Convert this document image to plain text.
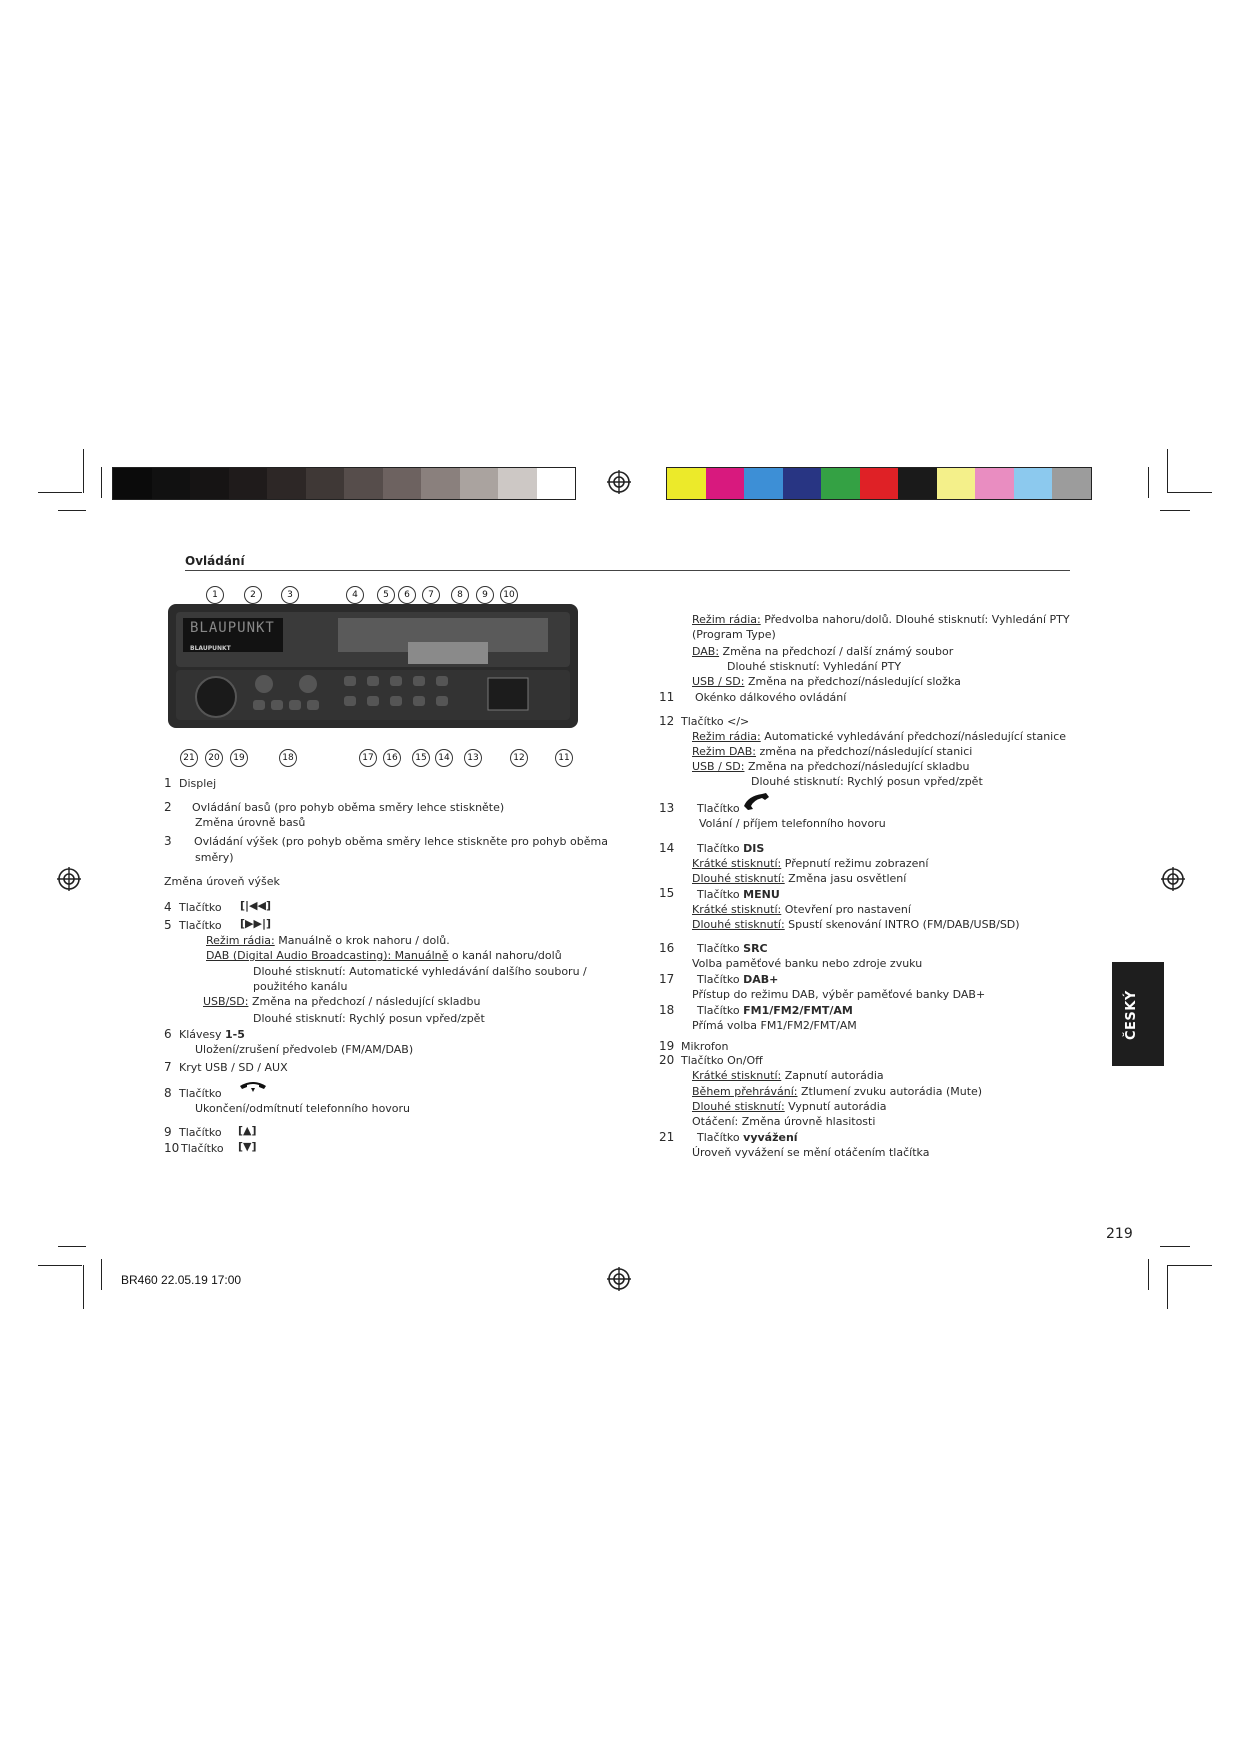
Ovládání
BLAUPUNKT
BLAUPUNKT
1	2	3	4	5	6	7	8	9	10
21	20	19	18	17	16	15	14	13	12	11
1 Displej
2 Ovládání basů (pro pohyb oběma směry lehce stiskněte)
Změna úrovně basů
3 Ovládání výšek (pro pohyb oběma směry lehce stiskněte pro pohyb oběma
směry)
Změna úroveň výšek
4 Tlačítko [|◀◀]
5 Tlačítko [▶▶|]
Režim rádia: Manuálně o krok nahoru / dolů.
DAB (Digital Audio Broadcasting): Manuálně o kanál nahoru/dolů
Dlouhé stisknutí: Automatické vyhledávání dalšího souboru /
použitého kanálu
USB/SD: Změna na předchozí / následující skladbu
Dlouhé stisknutí: Rychlý posun vpřed/zpět
6 Klávesy 1-5
Uložení/zrušení předvoleb (FM/AM/DAB)
7 Kryt USB / SD / AUX
8 Tlačítko
Ukončení/odmítnutí telefonního hovoru
9 Tlačítko [▲]
10 Tlačítko [▼]
Režim rádia: Předvolba nahoru/dolů. Dlouhé stisknutí: Vyhledání PTY
(Program Type)
DAB: Změna na předchozí / další známý soubor
Dlouhé stisknutí: Vyhledání PTY
USB / SD: Změna na předchozí/následující složka
11 Okénko dálkového ovládání
12 Tlačítko </>
Režim rádia: Automatické vyhledávání předchozí/následující stanice
Režim DAB: změna na předchozí/následující stanici
USB / SD: Změna na předchozí/následující skladbu
Dlouhé stisknutí: Rychlý posun vpřed/zpět
13 Tlačítko
Volání / příjem telefonního hovoru
14 Tlačítko DIS
Krátké stisknutí: Přepnutí režimu zobrazení
Dlouhé stisknutí: Změna jasu osvětlení
15 Tlačítko MENU
Krátké stisknutí: Otevření pro nastavení
Dlouhé stisknutí: Spustí skenování INTRO (FM/DAB/USB/SD)
16 Tlačítko SRC
Volba paměťové banku nebo zdroje zvuku
17 Tlačítko DAB+
Přístup do režimu DAB, výběr paměťové banky DAB+
18 Tlačítko FM1/FM2/FMT/AM
Přímá volba FM1/FM2/FMT/AM
19 Mikrofon
20 Tlačítko On/Off
Krátké stisknutí: Zapnutí autorádia
Během přehrávání: Ztlumení zvuku autorádia (Mute)
Dlouhé stisknutí: Vypnutí autorádia
Otáčení: Změna úrovně hlasitosti
21 Tlačítko vyvážení
Úroveň vyvážení se mění otáčením tlačítka
ČESKÝ
219
BR460 22.05.19 17:00
